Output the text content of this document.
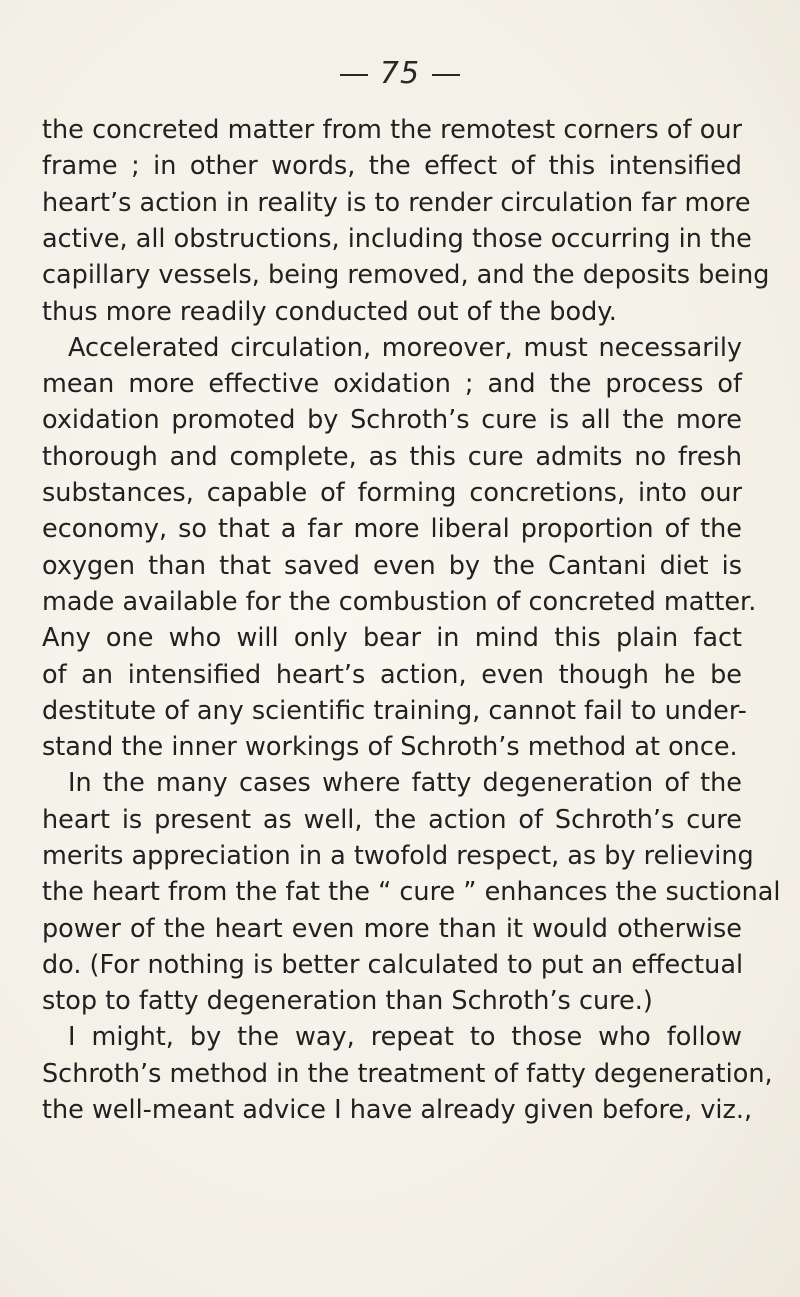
75
the concreted matter from the remotest corners of our
frame ; in other words, the effect of this intensified
heart’s action in reality is to render circulation far more
active, all obstructions, including those occurring in the
capillary vessels, being removed, and the deposits being
thus more readily conducted out of the body.
Accelerated circulation, moreover, must necessarily
mean more effective oxidation ; and the process of
oxidation promoted by Schroth’s cure is all the more
thorough and complete, as this cure admits no fresh
substances, capable of forming concretions, into our
economy, so that a far more liberal proportion of the
oxygen than that saved even by the Cantani diet is
made available for the combustion of concreted matter.
Any one who will only bear in mind this plain fact
of an intensified heart’s action, even though he be
destitute of any scientific training, cannot fail to under-
stand the inner workings of Schroth’s method at once.
In the many cases where fatty degeneration of the
heart is present as well, the action of Schroth’s cure
merits appreciation in a twofold respect, as by relieving
the heart from the fat the “ cure ” enhances the suctional
power of the heart even more than it would otherwise
do. (For nothing is better calculated to put an effectual
stop to fatty degeneration than Schroth’s cure.)
I might, by the way, repeat to those who follow
Schroth’s method in the treatment of fatty degeneration,
the well-meant advice I have already given before, viz.,
